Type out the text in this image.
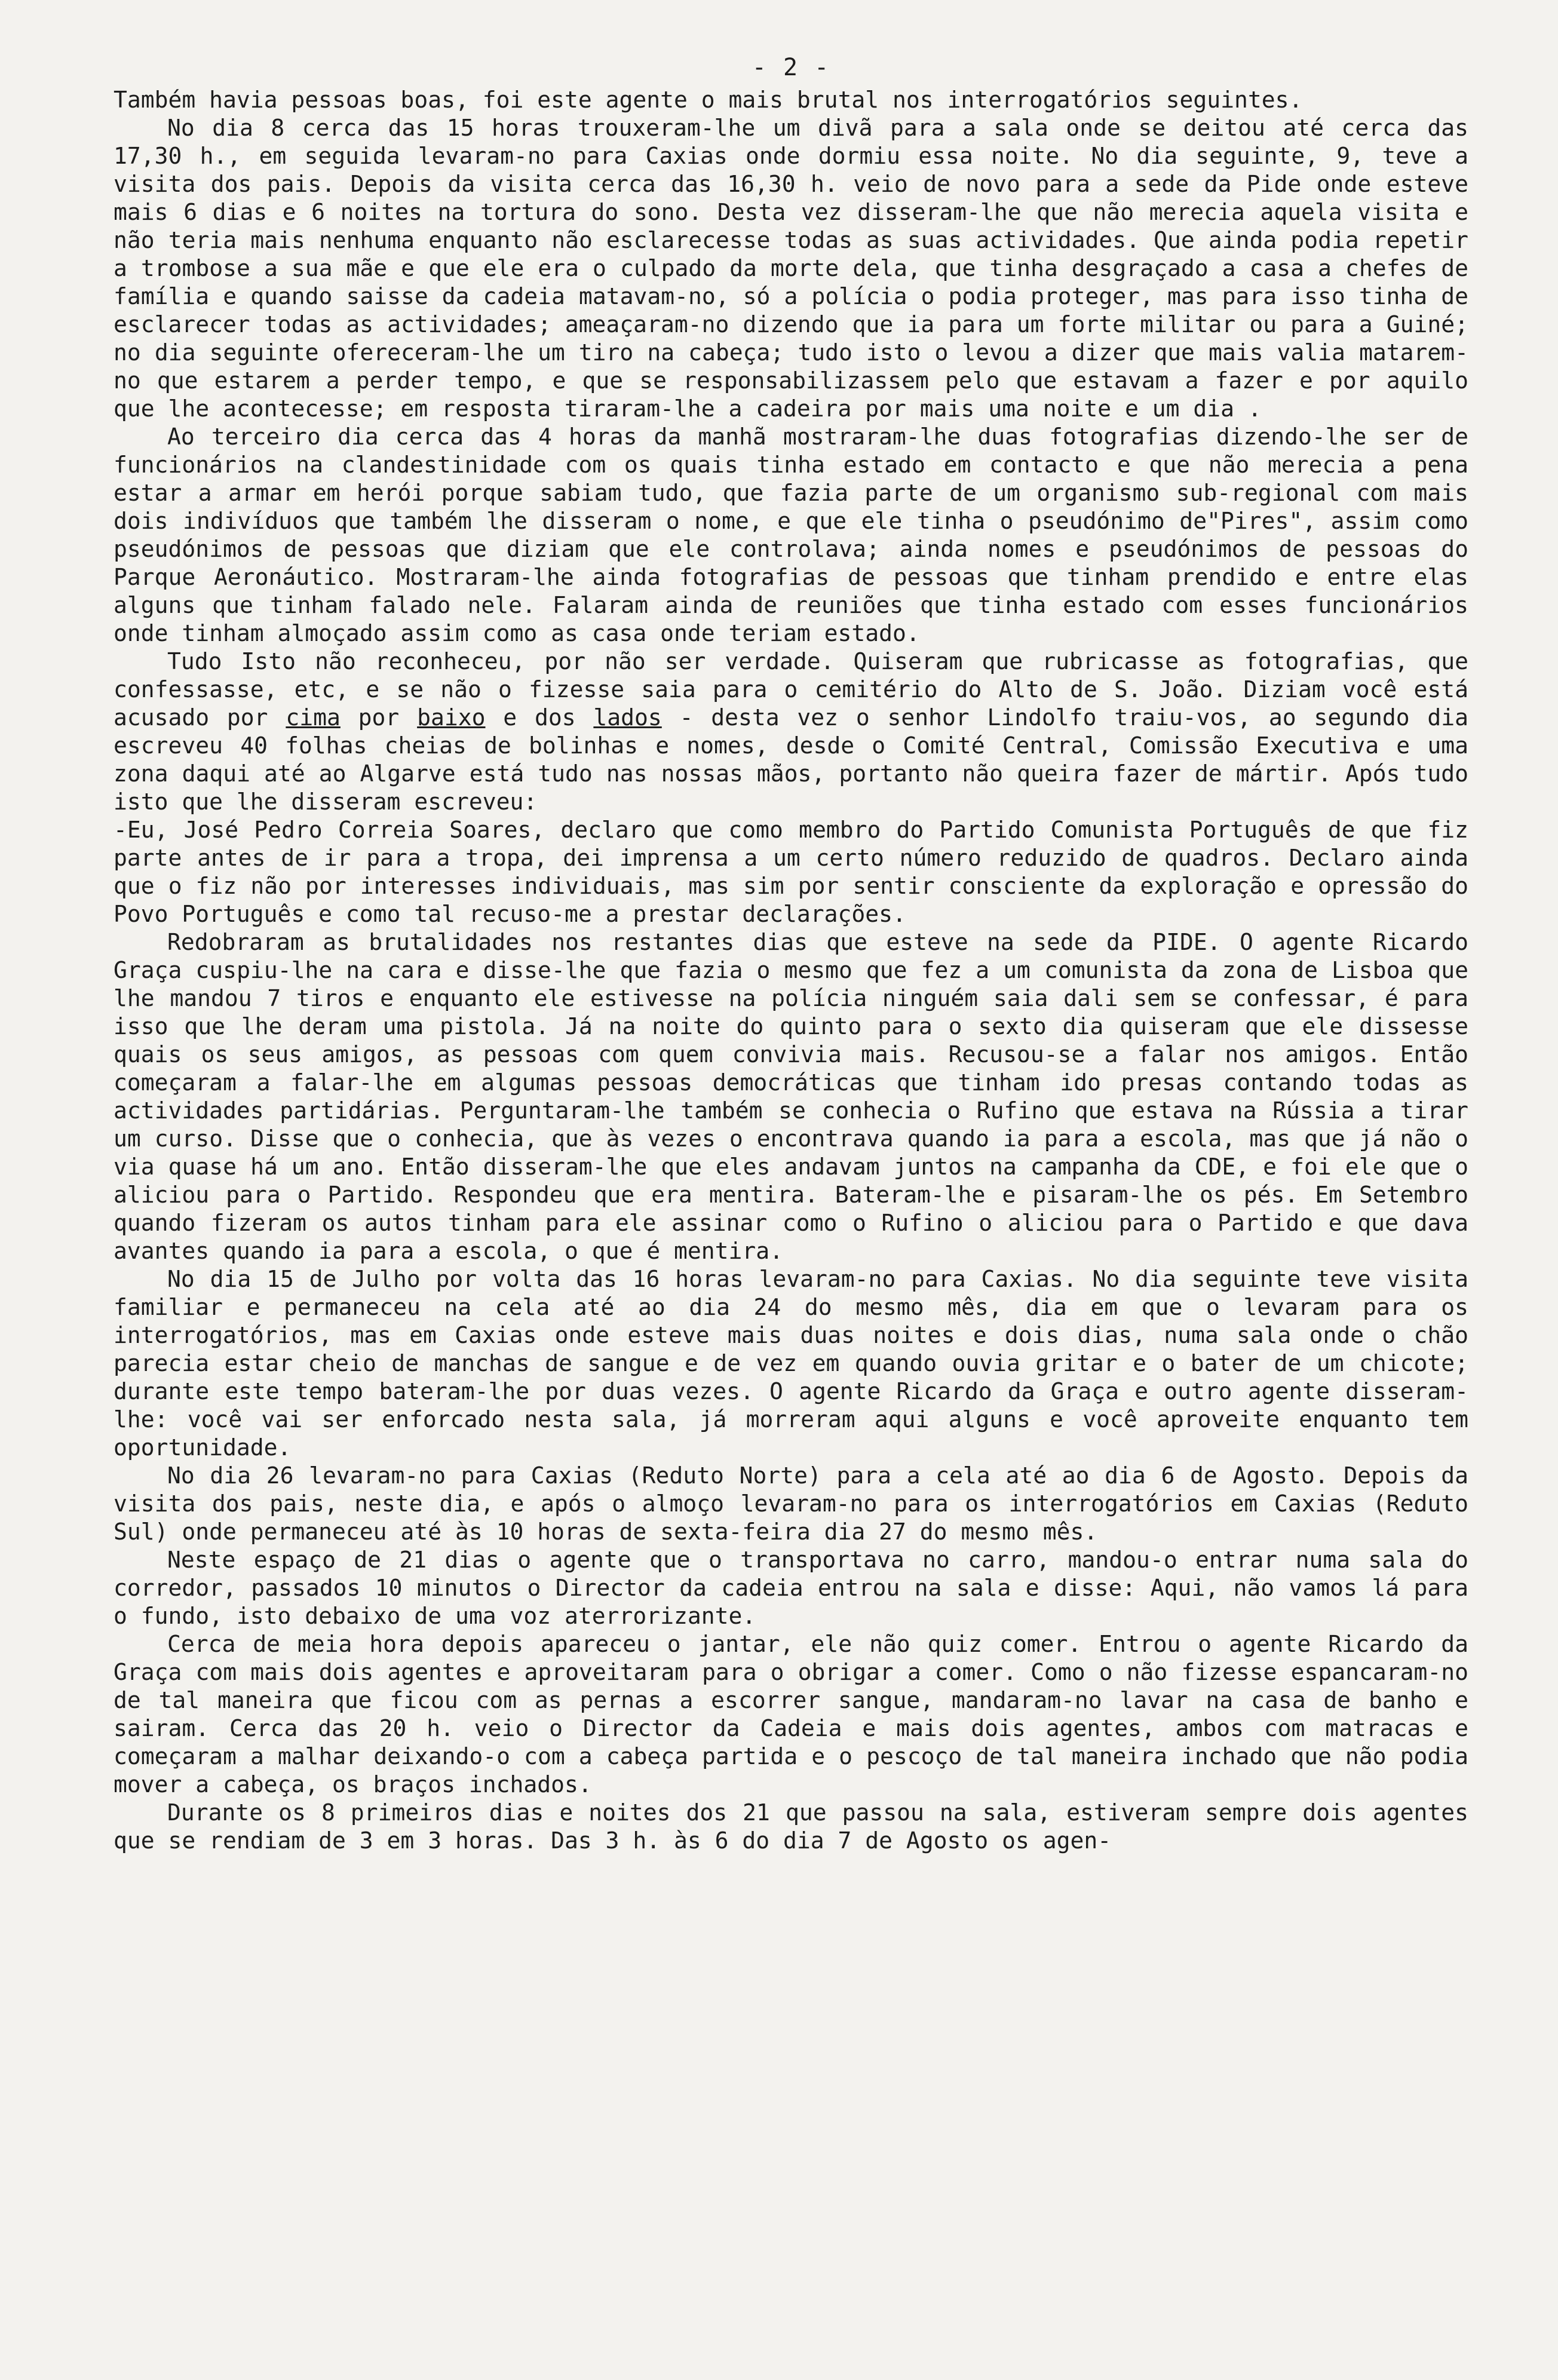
- 2 -

Também havia pessoas boas, foi este agente o mais brutal nos interrogatórios seguintes.

No dia 8 cerca das 15 horas trouxeram-lhe um divã para a sala onde se deitou até cerca das 17,30 h., em seguida levaram-no para Caxias onde dormiu essa noite. No dia seguinte, 9, teve a visita dos pais. Depois da visita cerca das 16,30 h. veio de novo para a sede da Pide onde esteve mais 6 dias e 6 noites na tortura do sono. Desta vez disseram-lhe que não merecia aquela visita e não teria mais nenhuma enquanto não esclarecesse todas as suas actividades. Que ainda podia repetir a trombose a sua mãe e que ele era o culpado da morte dela, que tinha desgraçado a casa a chefes de família e quando saisse da cadeia matavam-no, só a polícia o podia proteger, mas para isso tinha de esclarecer todas as actividades; ameaçaram-no dizendo que ia para um forte militar ou para a Guiné; no dia seguinte ofereceram-lhe um tiro na cabeça; tudo isto o levou a dizer que mais valia matarem-no que estarem a perder tempo, e que se responsabilizassem pelo que estavam a fazer e por aquilo que lhe acontecesse; em resposta tiraram-lhe a cadeira por mais uma noite e um dia .

Ao terceiro dia cerca das 4 horas da manhã mostraram-lhe duas fotografias dizendo-lhe ser de funcionários na clandestinidade com os quais tinha estado em contacto e que não merecia a pena estar a armar em herói porque sabiam tudo, que fazia parte de um organismo sub-regional com mais dois indivíduos que também lhe disseram o nome, e que ele tinha o pseudónimo de"Pires", assim como pseudónimos de pessoas que diziam que ele controlava; ainda nomes e pseudónimos de pessoas do Parque Aeronáutico. Mostraram-lhe ainda fotografias de pessoas que tinham prendido e entre elas alguns que tinham falado nele. Falaram ainda de reuniões que tinha estado com esses funcionários onde tinham almoçado assim como as casa onde teriam estado.

Tudo Isto não reconheceu, por não ser verdade. Quiseram que rubricasse as fotografias, que confessasse, etc, e se não o fizesse saia para o cemitério do Alto de S. João. Diziam você está acusado por cima por baixo e dos lados - desta vez o senhor Lindolfo traiu-vos, ao segundo dia escreveu 40 folhas cheias de bolinhas e nomes, desde o Comité Central, Comissão Executiva e uma zona daqui até ao Algarve está tudo nas nossas mãos, portanto não queira fazer de mártir. Após tudo isto que lhe disseram escreveu:

-Eu, José Pedro Correia Soares, declaro que como membro do Partido Comunista Português de que fiz parte antes de ir para a tropa, dei imprensa a um certo número reduzido de quadros. Declaro ainda que o fiz não por interesses individuais, mas sim por sentir consciente da exploração e opressão do Povo Português e como tal recuso-me a prestar declarações.

Redobraram as brutalidades nos restantes dias que esteve na sede da PIDE. O agente Ricardo Graça cuspiu-lhe na cara e disse-lhe que fazia o mesmo que fez a um comunista da zona de Lisboa que lhe mandou 7 tiros e enquanto ele estivesse na polícia ninguém saia dali sem se confessar, é para isso que lhe deram uma pistola. Já na noite do quinto para o sexto dia quiseram que ele dissesse quais os seus amigos, as pessoas com quem convivia mais. Recusou-se a falar nos amigos. Então começaram a falar-lhe em algumas pessoas democráticas que tinham ido presas contando todas as actividades partidárias. Perguntaram-lhe também se conhecia o Rufino que estava na Rússia a tirar um curso. Disse que o conhecia, que às vezes o encontrava quando ia para a escola, mas que já não o via quase há um ano. Então disseram-lhe que eles andavam juntos na campanha da CDE, e foi ele que o aliciou para o Partido. Respondeu que era mentira. Bateram-lhe e pisaram-lhe os pés. Em Setembro quando fizeram os autos tinham para ele assinar como o Rufino o aliciou para o Partido e que dava avantes quando ia para a escola, o que é mentira.

No dia 15 de Julho por volta das 16 horas levaram-no para Caxias. No dia seguinte teve visita familiar e permaneceu na cela até ao dia 24 do mesmo mês, dia em que o levaram para os interrogatórios, mas em Caxias onde esteve mais duas noites e dois dias, numa sala onde o chão parecia estar cheio de manchas de sangue e de vez em quando ouvia gritar e o bater de um chicote; durante este tempo bateram-lhe por duas vezes. O agente Ricardo da Graça e outro agente disseram-lhe: você vai ser enforcado nesta sala, já morreram aqui alguns e você aproveite enquanto tem oportunidade.

No dia 26 levaram-no para Caxias (Reduto Norte) para a cela até ao dia 6 de Agosto. Depois da visita dos pais, neste dia, e após o almoço levaram-no para os interrogatórios em Caxias (Reduto Sul) onde permaneceu até às 10 horas de sexta-feira dia 27 do mesmo mês.

Neste espaço de 21 dias o agente que o transportava no carro, mandou-o entrar numa sala do corredor, passados 10 minutos o Director da cadeia entrou na sala e disse: Aqui, não vamos lá para o fundo, isto debaixo de uma voz aterrorizante.

Cerca de meia hora depois apareceu o jantar, ele não quiz comer. Entrou o agente Ricardo da Graça com mais dois agentes e aproveitaram para o obrigar a comer. Como o não fizesse espancaram-no de tal maneira que ficou com as pernas a escorrer sangue, mandaram-no lavar na casa de banho e sairam. Cerca das 20 h. veio o Director da Cadeia e mais dois agentes, ambos com matracas e começaram a malhar deixando-o com a cabeça partida e o pescoço de tal maneira inchado que não podia mover a cabeça, os braços inchados.

Durante os 8 primeiros dias e noites dos 21 que passou na sala, estiveram sempre dois agentes que se rendiam de 3 em 3 horas. Das 3 h. às 6 do dia 7 de Agosto os agen-
